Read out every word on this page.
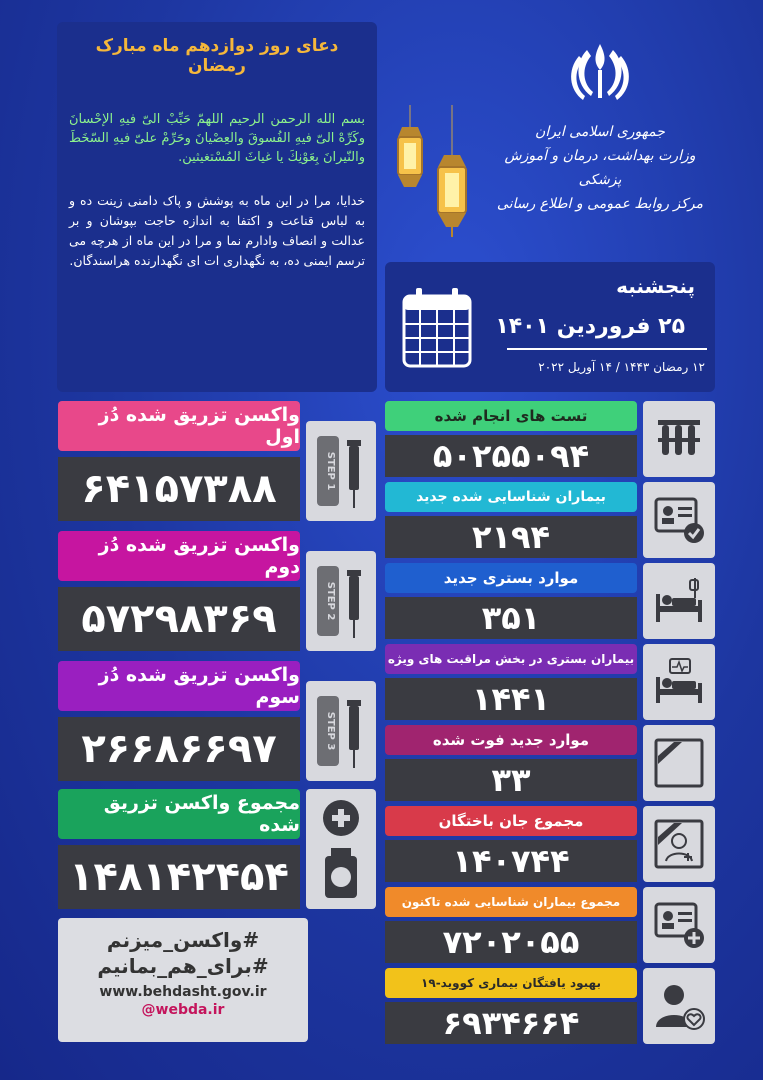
دعای روز دوازدهم ماه مبارک رمضان
بسم الله الرحمن الرحيم اللهمّ حَبِّبْ الىّ فيهِ الإحْسانَ وكَرِّهْ الىّ فيهِ الفُسوقَ والعِصْيانَ وحَرِّمْ علىّ فيهِ السّخَطَ والنّيرانَ بِعَوْنِكَ يا غياثَ المُسْتغيثين.
خدايا، مرا در اين ماه به پوشش و پاک دامنی زينت ده و به لباس قناعت و اکتفا به اندازه حاجت بپوشان و بر عدالت و انصاف وادارم نما و مرا در اين ماه از هرچه می ترسم ايمنی ده، به نگهداری ات ای نگهدارنده هراسندگان.
جمهوری اسلامی ایران
وزارت بهداشت، درمان و آموزش پزشکی
مرکز روابط عمومی و اطلاع رسانی
پنجشنبه
۲۵ فروردین ۱۴۰۱
۱۲ رمضان ۱۴۴۳ / ۱۴ آوریل ۲۰۲۲
واکسن تزریق شده دُز اول
۶۴۱۵۷۳۸۸	STEP 1
واکسن تزریق شده دُز دوم
۵۷۲۹۸۳۶۹	STEP 2
واکسن تزریق شده دُز سوم
۲۶۶۸۶۶۹۷	STEP 3
مجموع واکسن تزریق شده
۱۴۸۱۴۲۴۵۴
تست های انجام شده
۵۰۲۵۵۰۹۴
بیماران شناسایی شده جدید
۲۱۹۴
موارد بستری جدید
۳۵۱
بیماران بستری در بخش مراقبت های ویژه
۱۴۴۱
موارد جدید فوت شده
۳۳
مجموع جان باختگان
۱۴۰۷۴۴
مجموع بیماران شناسایی شده تاکنون
۷۲۰۲۰۵۵
بهبود یافتگان بیماری کووید-۱۹
۶۹۳۴۶۶۴
#واکسن_میزنم
#برای_هم_بمانیم
www.behdasht.gov.ir
@webda.ir
